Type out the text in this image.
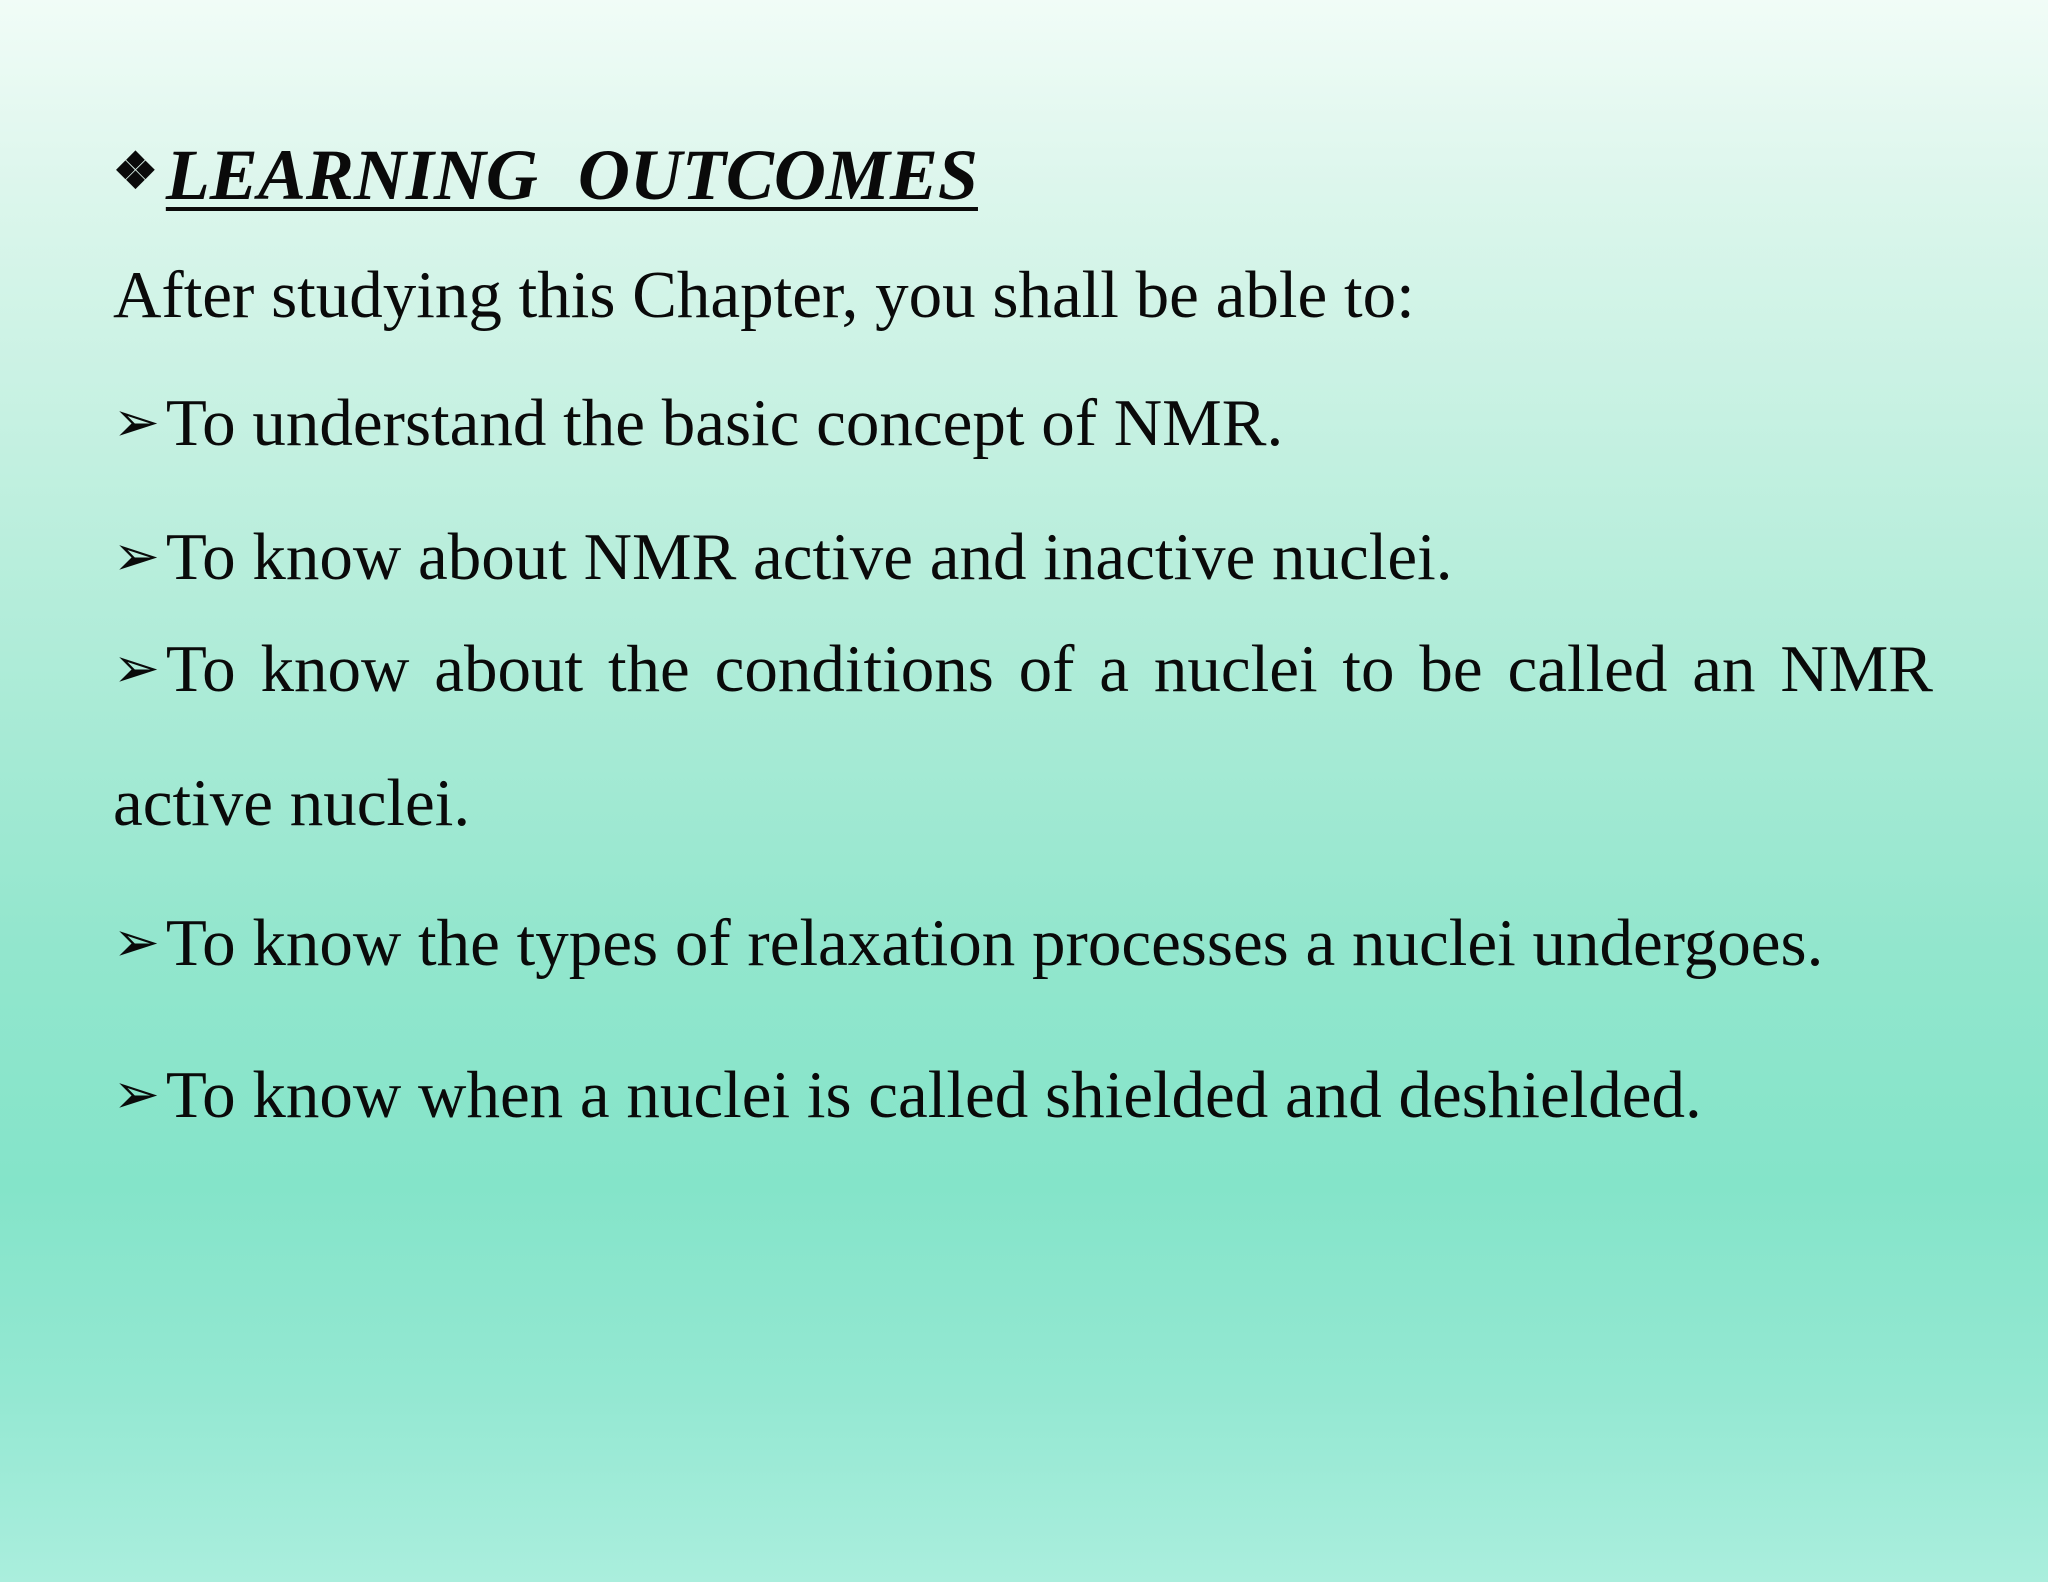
❖ LEARNING OUTCOMES
After studying this Chapter, you shall be able to:
➢To understand the basic concept of NMR.
➢To know about NMR active and inactive nuclei.
➢To know about the conditions of a nuclei to be called an NMR active nuclei.
➢To know the types of relaxation processes a nuclei undergoes.
➢To know when a nuclei is called shielded and deshielded.
